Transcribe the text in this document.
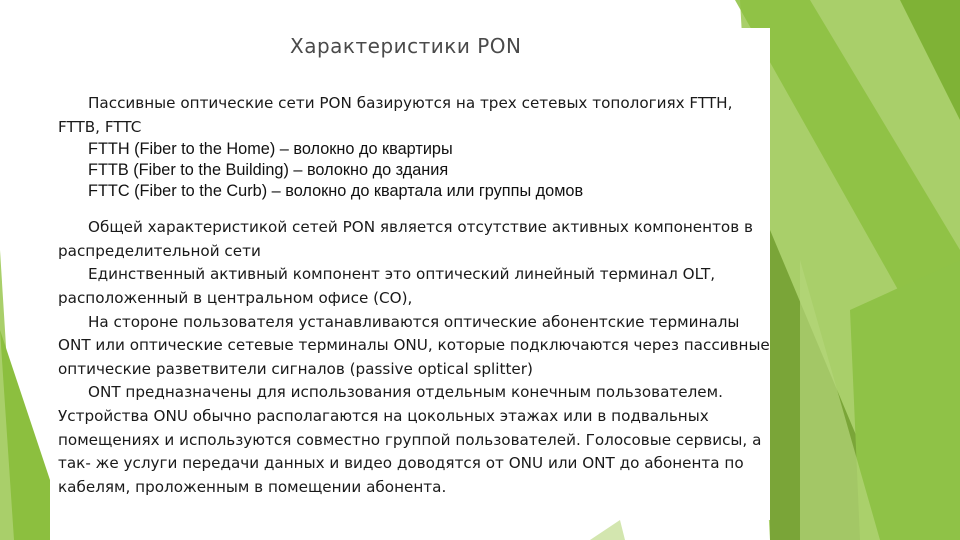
Характеристики PON

Пассивные оптические сети PON базируются на трех сетевых топологиях FTTH, FTTB, FTTC

FTTH (Fiber to the Home) – волокно до квартиры
FTTB (Fiber to the Building) – волокно до здания
FTTC (Fiber to the Curb) – волокно до квартала или группы домов

Общей характеристикой сетей PON является отсутствие активных компонентов в распределительной сети

Единственный активный компонент это оптический линейный терминал OLT, расположенный в центральном офисе (CO),

На стороне пользователя устанавливаются оптические абонентские терминалы ONT или оптические сетевые терминалы ONU, которые подключаются через пассивные оптические разветвители сигналов (passive optical splitter)

ONT предназначены для использования отдельным конечным пользователем. Устройства ONU обычно располагаются на цокольных этажах или в подвальных помещениях и используются совместно группой пользователей. Голосовые сервисы, а так- же услуги передачи данных и видео доводятся от ONU или ONT до абонента по кабелям, проложенным в помещении абонента.
